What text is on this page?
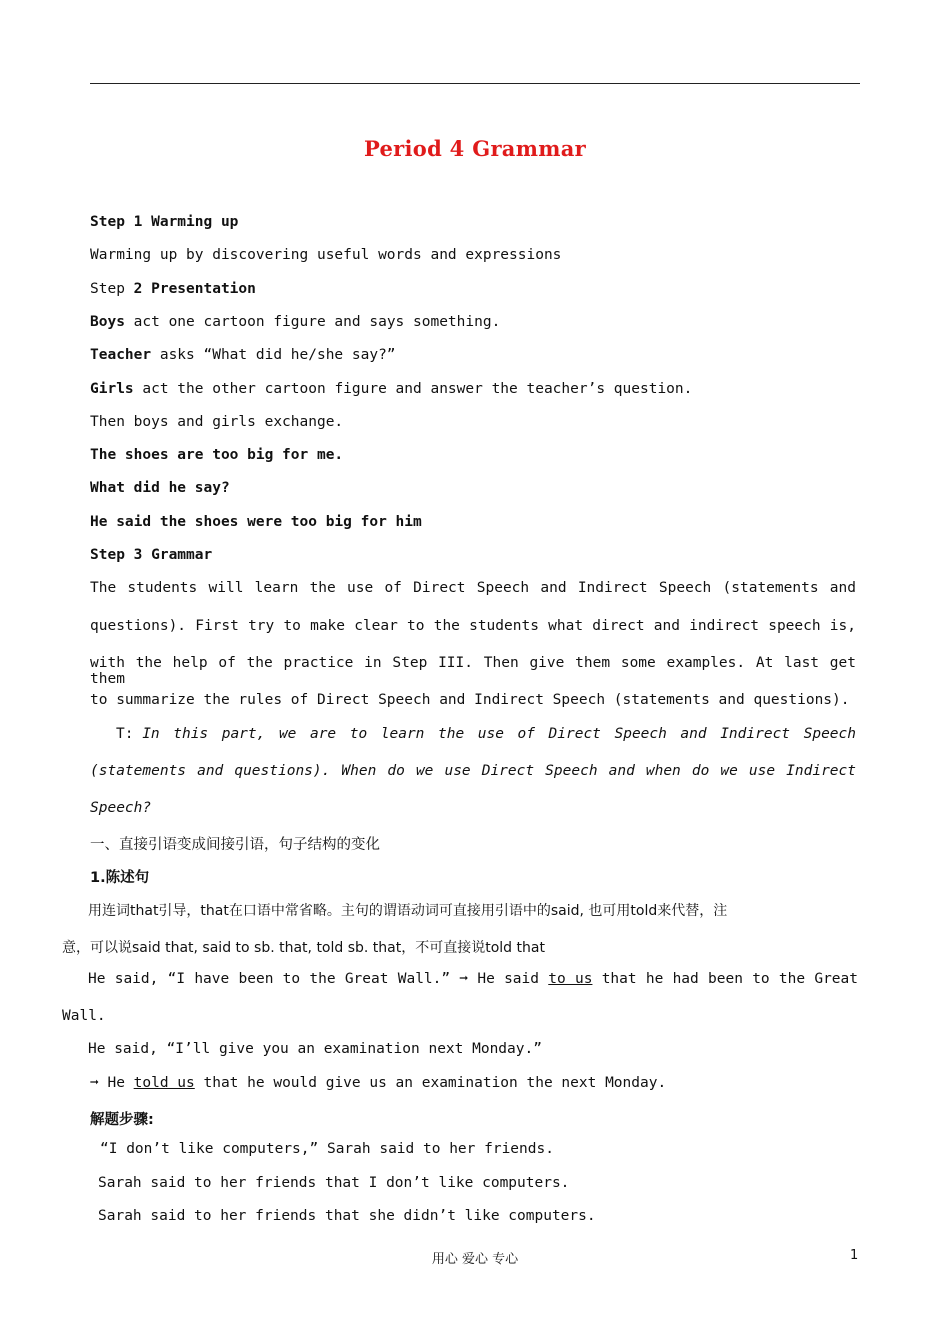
Period 4 Grammar
Step 1 Warming up
Warming up by discovering useful words and expressions
Step 2 Presentation
Boys act one cartoon figure and says something.
Teacher asks “What did he/she say?”
Girls act the other cartoon figure and answer the teacher’s question.
Then boys and girls exchange.
The shoes are too big for me.
What did he say?
He said the shoes were too big for him
Step 3 Grammar
The students will learn the use of Direct Speech and Indirect Speech (statements and
questions). First try to make clear to the students what direct and indirect speech is,
with the help of the practice in Step III. Then give them some examples. At last get them
to summarize the rules of Direct Speech and Indirect Speech (statements and questions).
T: In this part, we are to learn the use of Direct Speech and Indirect Speech
(statements and questions). When do we use Direct Speech and when do we use Indirect
Speech?
一、直接引语变成间接引语，句子结构的变化
1.陈述句
用连词that引导，that在口语中常省略。主句的谓语动词可直接用引语中的said, 也可用told来代替，注
意，可以说said that, said to sb. that, told sb. that，不可直接说told that
He said, “I have been to the Great Wall.” ➞ He said to us that he had been to the Great
Wall.
He said, “I’ll give you an examination next Monday.”
➞ He told us that he would give us an examination the next Monday.
解题步骤:
“I don’t like computers,” Sarah said to her friends.
Sarah said to her friends that I don’t like computers.
Sarah said to her friends that she didn’t like computers.
用心 爱心 专心	1
